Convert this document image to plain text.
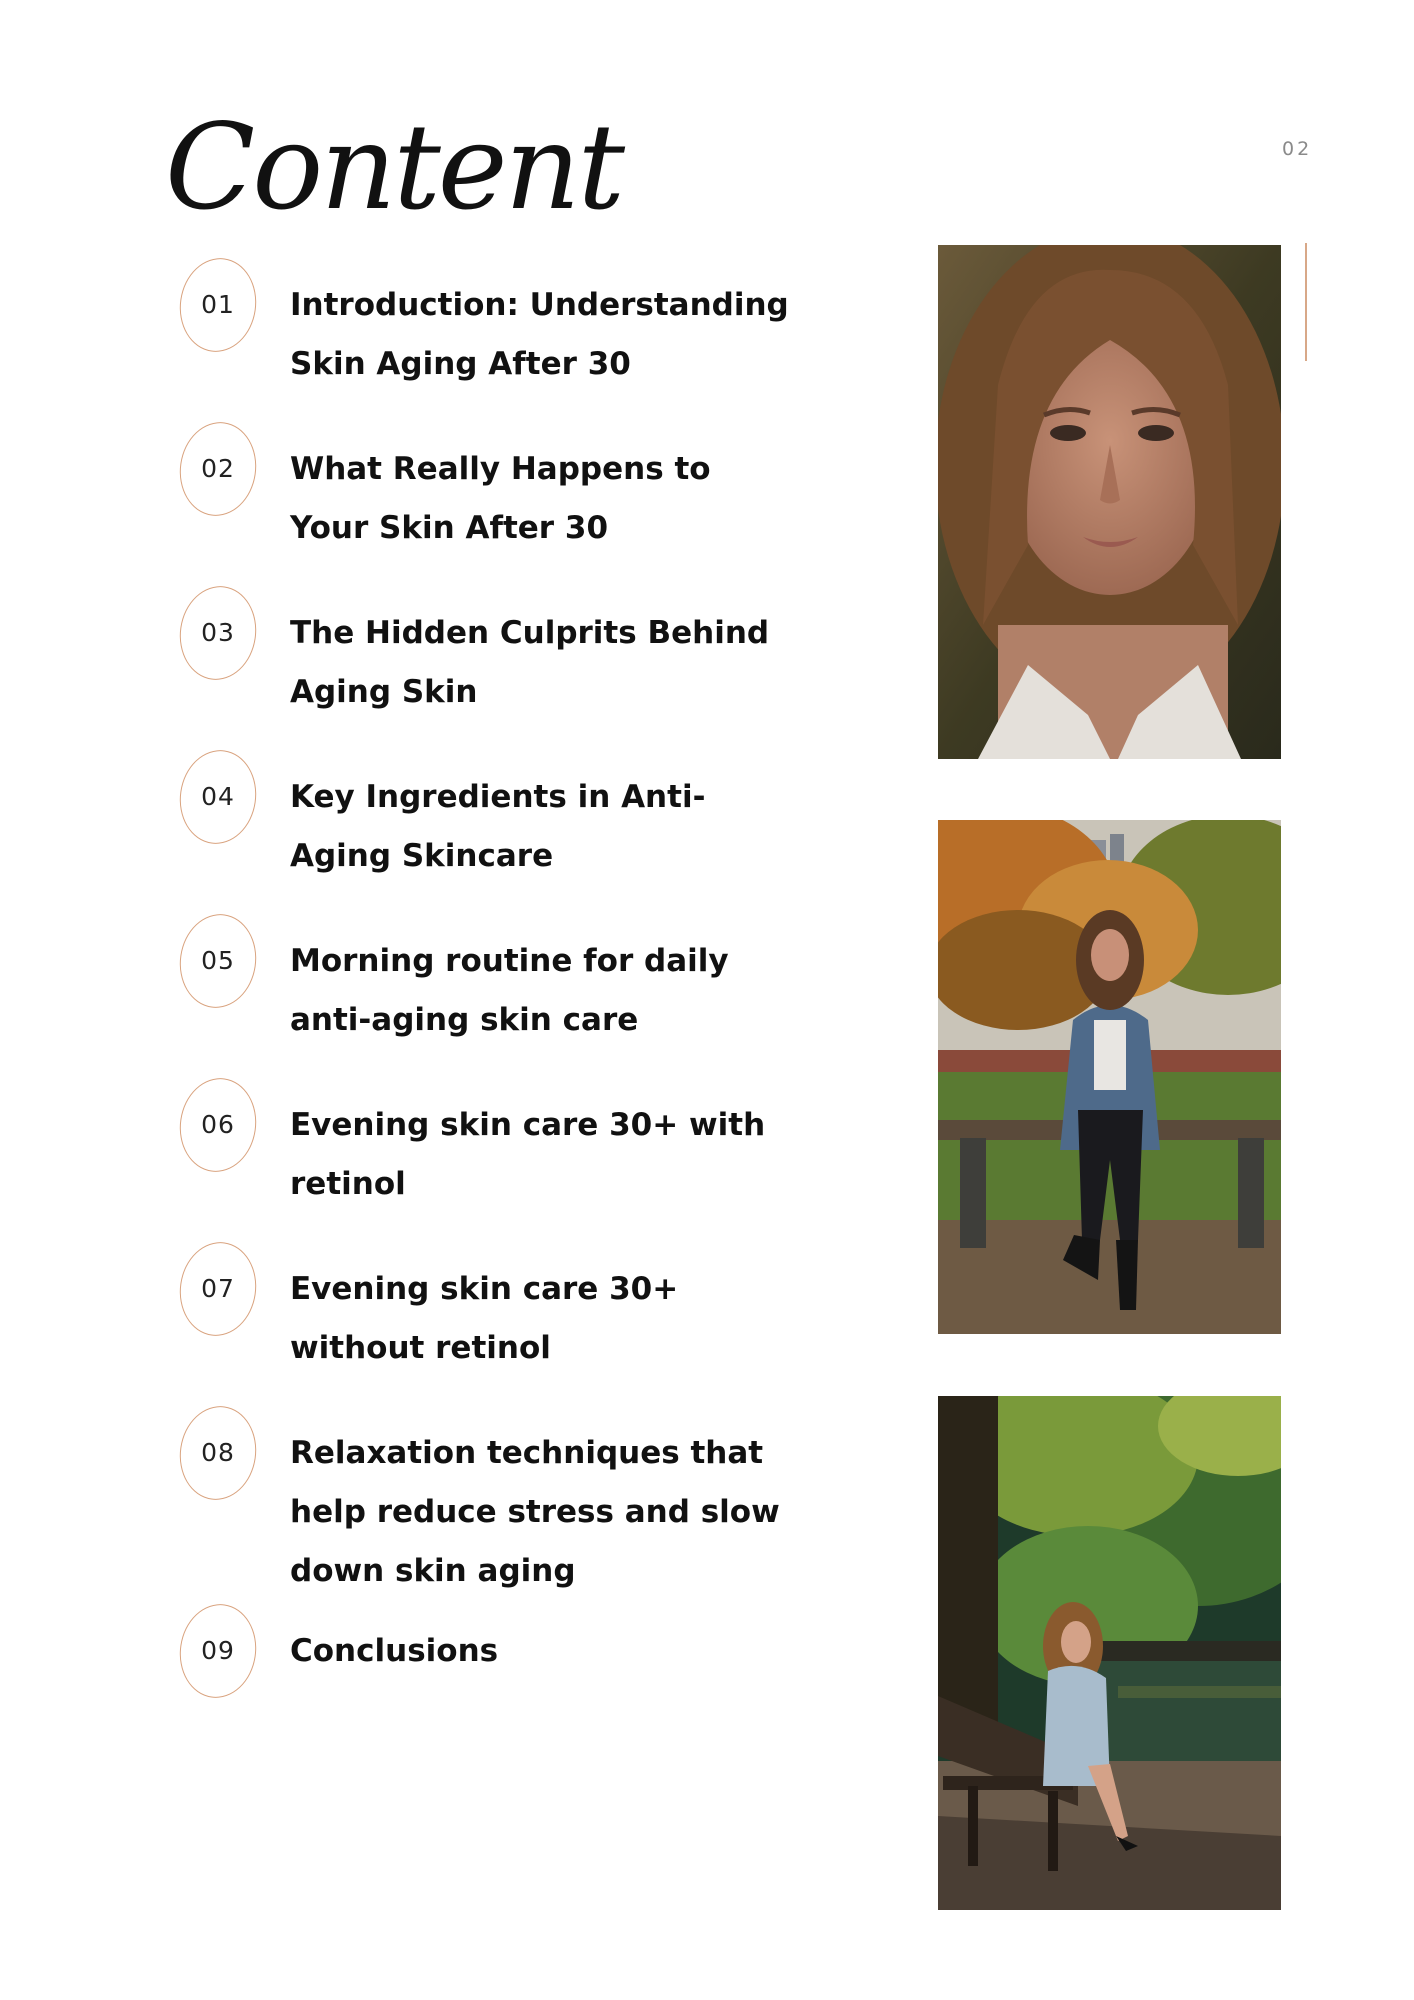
Content	02
01	Introduction: Understanding Skin Aging After 30
02	What Really Happens to Your Skin After 30
03	The Hidden Culprits Behind Aging Skin
04	Key Ingredients in Anti-Aging Skincare
05	Morning routine for daily anti-aging skin care
06	Evening skin care 30+ with retinol
07	Evening skin care 30+ without retinol
08	Relaxation techniques that help reduce stress and slow down skin aging
09	Conclusions
